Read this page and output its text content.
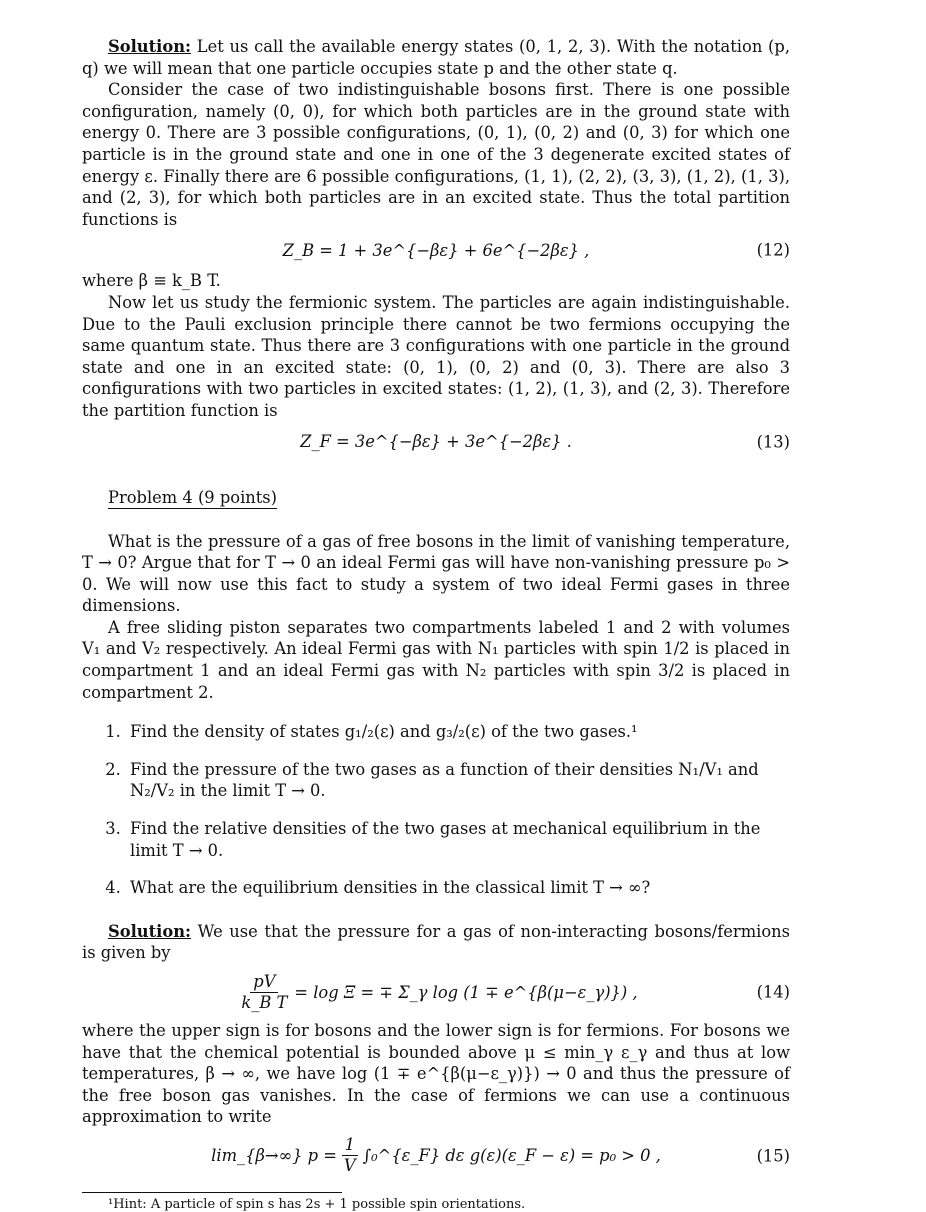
Solution: Let us call the available energy states (0, 1, 2, 3). With the notation (p, q) we will mean that one particle occupies state p and the other state q.

Consider the case of two indistinguishable bosons first. There is one possible configuration, namely (0, 0), for which both particles are in the ground state with energy 0. There are 3 possible configurations, (0, 1), (0, 2) and (0, 3) for which one particle is in the ground state and one in one of the 3 degenerate excited states of energy ε. Finally there are 6 possible configurations, (1, 1), (2, 2), (3, 3), (1, 2), (1, 3), and (2, 3), for which both particles are in an excited state. Thus the total partition functions is

Z_B = 1 + 3e^{−βε} + 6e^{−2βε} ,	(12)

where β ≡ k_B T.

Now let us study the fermionic system. The particles are again indistinguishable. Due to the Pauli exclusion principle there cannot be two fermions occupying the same quantum state. Thus there are 3 configurations with one particle in the ground state and one in an excited state: (0, 1), (0, 2) and (0, 3). There are also 3 configurations with two particles in excited states: (1, 2), (1, 3), and (2, 3). Therefore the partition function is

Z_F = 3e^{−βε} + 3e^{−2βε} .	(13)
Problem 4 (9 points)

What is the pressure of a gas of free bosons in the limit of vanishing temperature, T → 0? Argue that for T → 0 an ideal Fermi gas will have non-vanishing pressure p₀ > 0. We will now use this fact to study a system of two ideal Fermi gases in three dimensions.

A free sliding piston separates two compartments labeled 1 and 2 with volumes V₁ and V₂ respectively. An ideal Fermi gas with N₁ particles with spin 1/2 is placed in compartment 1 and an ideal Fermi gas with N₂ particles with spin 3/2 is placed in compartment 2.

1. Find the density of states g₁/₂(ε) and g₃/₂(ε) of the two gases.¹
2. Find the pressure of the two gases as a function of their densities N₁/V₁ and N₂/V₂ in the limit T → 0.
3. Find the relative densities of the two gases at mechanical equilibrium in the limit T → 0.
4. What are the equilibrium densities in the classical limit T → ∞?

Solution: We use that the pressure for a gas of non-interacting bosons/fermions is given by

$\frac{pV}{\text{k\_B T}} = \log \Xi$ = ∓ Σ_γ log (1 ∓ e^{β(μ−ε_γ)}) ,	(14)

where the upper sign is for bosons and the lower sign is for fermions. For bosons we have that the chemical potential is bounded above μ ≤ min_γ ε_γ and thus at low temperatures, β → ∞, we have log (1 ∓ e^{β(μ−ε_γ)}) → 0 and thus the pressure of the free boson gas vanishes. In the case of fermions we can use a continuous approximation to write

lim_{β→∞} $p = \frac{1}{V}$ ∫₀^{ε_F} dε g(ε)(ε_F − ε) = p₀ > 0 ,	(15)
¹Hint: A particle of spin s has 2s + 1 possible spin orientations.
